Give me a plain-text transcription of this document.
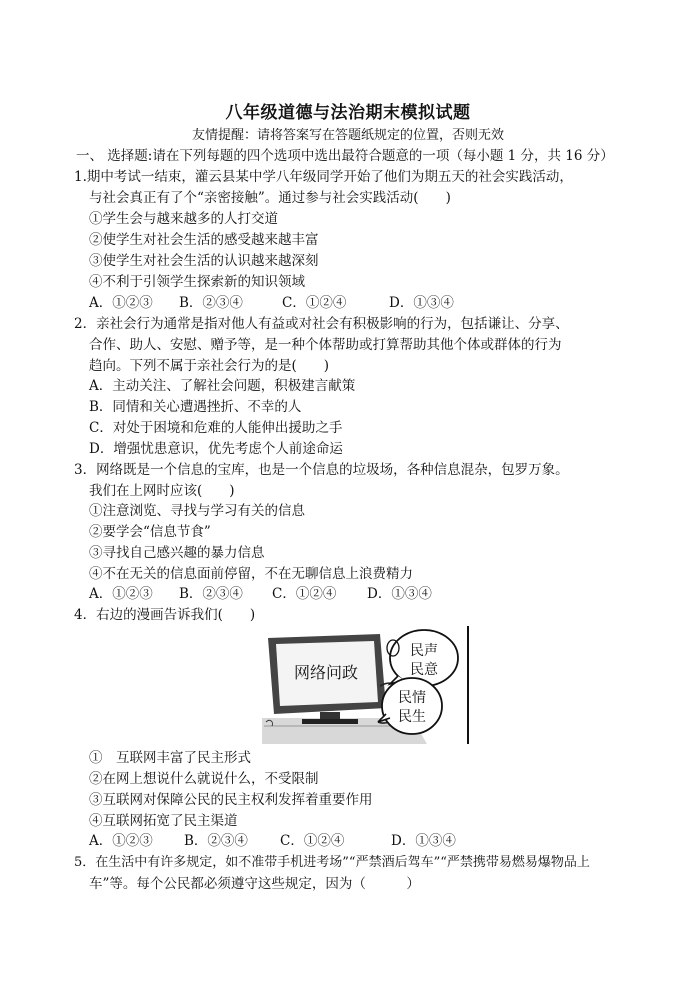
八年级道德与法治期末模拟试题
友情提醒：请将答案写在答题纸规定的位置，否则无效
一、 选择题:请在下列每题的四个选项中选出最符合题意的一项（每小题 1 分，共 16 分）
1.期中考试一结束，灌云县某中学八年级同学开始了他们为期五天的社会实践活动，
与社会真正有了个“亲密接触”。通过参与社会实践活动(　　)
①学生会与越来越多的人打交道
②使学生对社会生活的感受越来越丰富
③使学生对社会生活的认识越来越深刻
④不利于引领学生探索新的知识领域
A．①②③ B．②③④	C．①②④	D．①③④
2．亲社会行为通常是指对他人有益或对社会有积极影响的行为，包括谦让、分享、
合作、助人、安慰、赠予等，是一种个体帮助或打算帮助其他个体或群体的行为
趋向。下列不属于亲社会行为的是(　　)
A．主动关注、了解社会问题，积极建言献策
B．同情和关心遭遇挫折、不幸的人
C．对处于困境和危难的人能伸出援助之手
D．增强忧患意识，优先考虑个人前途命运
3．网络既是一个信息的宝库，也是一个信息的垃圾场，各种信息混杂，包罗万象。
我们在上网时应该(　　)
①注意浏览、寻找与学习有关的信息
②要学会“信息节食”
③寻找自己感兴趣的暴力信息
④不在无关的信息面前停留，不在无聊信息上浪费精力
A．①②③ B．②③④ C．①②④ D．①③④
4．右边的漫画告诉我们(　　)
网络问政
民声
民意
民情
民生
①　互联网丰富了民主形式
②在网上想说什么就说什么，不受限制
③互联网对保障公民的民主权利发挥着重要作用
④互联网拓宽了民主渠道
A．①②③ B．②③④ C．①②④	D．①③④
5．在生活中有许多规定，如不准带手机进考场”“严禁酒后驾车”“严禁携带易燃易爆物品上
车”等。每个公民都必须遵守这些规定，因为（　　　）
